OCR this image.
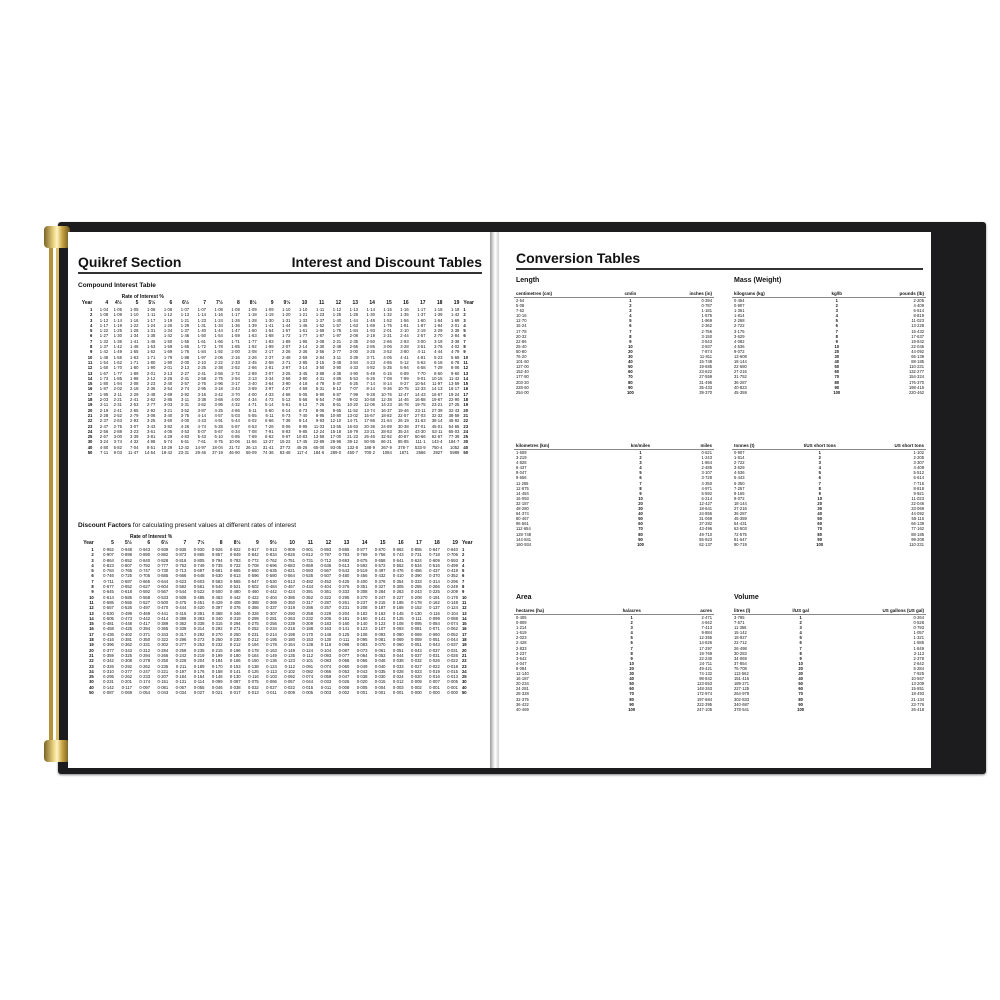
Quikref Section	Interest and Discount Tables
Compound Interest Table
	Rate of Interest %																						
Year	4	4½	5	5½	6	6½	7	7½	8	8½	9	9½	10	11	12	13	14	15	16	17	18	19	Year
1	1·04	1·05	1·05	1·06	1·06	1·07	1·07	1·08	1·08	1·09	1·09	1·10	1·10	1·11	1·12	1·13	1·14	1·15	1·16	1·17	1·18	1·19	1
2	1·08	1·09	1·10	1·11	1·12	1·13	1·14	1·16	1·17	1·18	1·19	1·20	1·21	1·23	1·25	1·28	1·30	1·32	1·35	1·37	1·39	1·42	2
3	1·12	1·14	1·16	1·17	1·19	1·21	1·23	1·24	1·26	1·28	1·30	1·31	1·33	1·37	1·40	1·44	1·48	1·52	1·56	1·60	1·64	1·69	3
4	1·17	1·19	1·22	1·24	1·26	1·29	1·31	1·34	1·36	1·39	1·41	1·44	1·46	1·52	1·57	1·63	1·69	1·75	1·81	1·87	1·94	2·01	4
5	1·22	1·25	1·28	1·31	1·34	1·37	1·40	1·44	1·47	1·50	1·54	1·57	1·61	1·69	1·76	1·84	1·93	2·01	2·10	2·19	2·29	2·39	5
6	1·27	1·30	1·34	1·38	1·42	1·46	1·50	1·54	1·59	1·63	1·68	1·72	1·77	1·87	1·97	2·08	2·19	2·31	2·44	2·57	2·70	2·84	6
7	1·32	1·36	1·41	1·45	1·50	1·55	1·61	1·66	1·71	1·77	1·83	1·89	1·95	2·08	2·21	2·35	2·50	2·66	2·83	3·00	3·19	3·38	7
8	1·37	1·42	1·48	1·53	1·59	1·65	1·72	1·78	1·85	1·92	1·99	2·07	2·14	2·30	2·48	2·66	2·85	3·06	3·28	3·51	3·76	4·02	8
9	1·42	1·49	1·55	1·62	1·69	1·76	1·84	1·92	2·00	2·08	2·17	2·26	2·36	2·56	2·77	3·00	3·25	3·52	3·80	4·11	4·44	4·79	9
10	1·48	1·55	1·63	1·71	1·79	1·88	1·97	2·06	2·16	2·26	2·37	2·48	2·59	2·84	3·11	3·39	3·71	4·05	4·41	4·81	5·23	5·69	10
11	1·54	1·62	1·71	1·80	1·90	2·00	2·10	2·22	2·33	2·45	2·58	2·71	2·85	3·15	3·48	3·84	4·23	4·65	5·12	5·62	6·18	6·78	11
12	1·60	1·70	1·80	1·90	2·01	2·13	2·25	2·38	2·52	2·66	2·81	2·97	3·14	3·50	3·90	4·33	4·82	5·35	5·94	6·58	7·29	8·06	12
13	1·67	1·77	1·89	2·01	2·13	2·27	2·41	2·56	2·72	2·89	3·07	3·25	3·45	3·88	4·36	4·90	5·49	6·15	6·89	7·70	8·60	9·60	13
14	1·73	1·85	1·98	2·12	2·26	2·41	2·58	2·75	2·94	3·13	3·34	3·56	3·80	4·31	4·89	5·53	6·26	7·08	7·99	9·01	10·15	11·42	14
15	1·80	1·94	2·08	2·23	2·40	2·57	2·76	2·96	3·17	3·40	3·64	3·90	4·18	4·78	5·47	6·25	7·14	8·14	9·27	10·54	11·97	13·59	15
16	1·87	2·02	2·18	2·36	2·54	2·74	2·95	3·18	3·43	3·69	3·97	4·27	4·59	5·31	6·13	7·07	8·14	9·36	10·75	12·33	14·13	16·17	16
17	1·95	2·11	2·29	2·48	2·69	2·92	3·16	3·42	3·70	4·00	4·33	4·68	5·05	5·90	6·87	7·99	9·28	10·76	12·47	14·43	16·67	19·24	17
18	2·03	2·21	2·41	2·62	2·85	3·11	3·38	3·68	4·00	4·34	4·72	5·12	5·56	6·54	7·69	9·02	10·58	12·38	14·46	16·88	19·67	22·90	18
19	2·11	2·31	2·53	2·77	3·03	3·31	3·62	3·95	4·32	4·71	5·14	5·61	6·12	7·26	8·61	10·20	12·06	14·23	16·78	19·75	23·21	27·25	19
20	2·19	2·41	2·65	2·92	3·21	3·52	3·87	4·25	4·66	5·11	5·60	6·14	6·73	8·06	9·65	11·52	13·74	16·37	19·46	23·11	27·39	32·43	20
21	2·28	2·52	2·79	3·08	3·40	3·75	4·14	4·57	5·03	5·55	6·11	6·73	7·40	8·95	10·80	13·02	15·67	18·82	22·57	27·03	32·32	38·59	21
22	2·37	2·63	2·93	3·25	3·60	4·00	4·43	4·91	5·44	6·02	6·66	7·36	8·14	9·93	12·10	14·71	17·86	21·64	26·19	31·63	38·14	45·92	22
23	2·47	2·75	3·07	3·43	3·82	4·26	4·74	5·28	5·87	6·53	7·26	8·06	8·95	11·03	13·55	16·63	20·36	24·89	30·38	37·01	45·01	54·65	23
24	2·56	2·88	3·23	3·61	4·05	4·53	5·07	5·67	6·34	7·08	7·91	8·83	9·85	12·24	15·18	18·79	23·21	28·63	35·24	43·30	53·11	65·03	24
25	2·67	3·00	3·39	3·81	4·29	4·83	5·43	6·10	6·85	7·69	8·62	9·67	10·83	13·59	17·00	21·23	26·46	32·92	40·87	50·66	62·67	77·39	25
30	3·24	3·74	4·32	4·98	5·74	6·61	7·61	8·75	10·06	11·56	13·27	15·22	17·45	22·89	29·96	39·12	50·95	66·21	85·85	111·1	143·4	184·7	30
40	4·80	5·82	7·04	8·51	10·29	12·42	14·97	18·04	21·72	26·13	31·41	37·72	45·26	65·00	93·05	132·8	188·9	267·9	378·7	533·9	750·4	1052	40
50	7·11	9·03	11·47	14·54	18·42	23·31	29·46	37·19	46·90	59·09	74·36	93·48	117·4	184·6	289·0	450·7	700·2	1084	1671	2566	3927	5989	50
Discount Factors for calculating present values at different rates of interest
	Rate of Interest %																				
Year	5	5½	6	6½	7	7½	8	8½	9	9½	10	11	12	13	14	15	16	17	18	19	Year
1	0·952	0·948	0·943	0·939	0·935	0·930	0·926	0·922	0·917	0·913	0·909	0·901	0·893	0·885	0·877	0·870	0·862	0·855	0·847	0·840	1
2	0·907	0·898	0·890	0·882	0·873	0·865	0·857	0·849	0·842	0·834	0·826	0·812	0·797	0·783	0·769	0·756	0·743	0·731	0·718	0·706	2
3	0·864	0·852	0·840	0·828	0·816	0·805	0·794	0·783	0·772	0·762	0·751	0·731	0·712	0·693	0·675	0·658	0·641	0·624	0·609	0·593	3
4	0·823	0·807	0·792	0·777	0·763	0·749	0·735	0·722	0·708	0·696	0·683	0·659	0·636	0·613	0·592	0·572	0·552	0·534	0·516	0·499	4
5	0·784	0·765	0·747	0·730	0·713	0·697	0·681	0·665	0·650	0·635	0·621	0·593	0·567	0·543	0·519	0·497	0·476	0·456	0·437	0·419	5
6	0·746	0·725	0·705	0·685	0·666	0·648	0·630	0·613	0·596	0·580	0·564	0·535	0·507	0·480	0·456	0·432	0·410	0·390	0·370	0·352	6
7	0·711	0·687	0·665	0·644	0·623	0·603	0·583	0·565	0·547	0·530	0·513	0·482	0·452	0·425	0·400	0·376	0·354	0·333	0·314	0·296	7
8	0·677	0·652	0·627	0·604	0·582	0·561	0·540	0·521	0·502	0·484	0·467	0·434	0·404	0·376	0·351	0·327	0·305	0·285	0·266	0·249	8
9	0·645	0·618	0·592	0·567	0·544	0·522	0·500	0·480	0·460	0·442	0·424	0·391	0·361	0·333	0·308	0·284	0·263	0·243	0·225	0·209	9
10	0·614	0·585	0·558	0·533	0·508	0·485	0·463	0·442	0·422	0·404	0·386	0·352	0·322	0·295	0·270	0·247	0·227	0·208	0·191	0·176	10
11	0·585	0·555	0·527	0·500	0·475	0·451	0·429	0·408	0·388	0·369	0·350	0·317	0·287	0·261	0·237	0·215	0·195	0·178	0·162	0·148	11
12	0·557	0·526	0·497	0·470	0·444	0·420	0·397	0·376	0·356	0·337	0·319	0·286	0·257	0·231	0·208	0·187	0·168	0·152	0·137	0·124	12
13	0·530	0·499	0·469	0·441	0·415	0·391	0·368	0·346	0·326	0·307	0·290	0·258	0·229	0·204	0·182	0·163	0·145	0·130	0·116	0·104	13
14	0·505	0·473	0·442	0·414	0·388	0·363	0·340	0·319	0·299	0·281	0·263	0·232	0·205	0·181	0·160	0·141	0·125	0·111	0·099	0·088	14
15	0·481	0·448	0·417	0·389	0·362	0·338	0·315	0·294	0·275	0·256	0·239	0·209	0·183	0·160	0·140	0·123	0·108	0·095	0·084	0·074	15
16	0·458	0·425	0·394	0·365	0·339	0·314	0·292	0·271	0·252	0·234	0·218	0·188	0·163	0·141	0·123	0·107	0·093	0·081	0·071	0·062	16
17	0·436	0·402	0·371	0·343	0·317	0·292	0·270	0·250	0·231	0·214	0·198	0·170	0·146	0·125	0·108	0·093	0·080	0·069	0·060	0·052	17
18	0·416	0·381	0·350	0·322	0·296	0·272	0·250	0·230	0·212	0·195	0·180	0·153	0·130	0·111	0·095	0·081	0·069	0·059	0·051	0·044	18
19	0·396	0·362	0·331	0·302	0·277	0·253	0·232	0·212	0·194	0·178	0·164	0·138	0·116	0·098	0·083	0·070	0·060	0·051	0·043	0·037	19
20	0·377	0·343	0·312	0·284	0·258	0·235	0·215	0·196	0·178	0·163	0·149	0·124	0·104	0·087	0·073	0·061	0·051	0·043	0·037	0·031	20
21	0·359	0·325	0·294	0·266	0·242	0·219	0·199	0·180	0·164	0·149	0·135	0·112	0·093	0·077	0·064	0·053	0·044	0·037	0·031	0·026	21
22	0·342	0·308	0·278	0·250	0·226	0·204	0·184	0·166	0·150	0·136	0·123	0·101	0·083	0·068	0·056	0·046	0·038	0·032	0·026	0·022	22
23	0·326	0·292	0·262	0·235	0·211	0·189	0·170	0·153	0·138	0·124	0·112	0·091	0·074	0·060	0·049	0·040	0·033	0·027	0·022	0·018	23
24	0·310	0·277	0·247	0·221	0·197	0·176	0·158	0·141	0·126	0·113	0·102	0·082	0·066	0·053	0·043	0·035	0·028	0·023	0·019	0·015	24
25	0·295	0·262	0·233	0·207	0·184	0·164	0·146	0·130	0·116	0·103	0·092	0·074	0·059	0·047	0·038	0·030	0·024	0·020	0·016	0·013	25
30	0·231	0·201	0·174	0·151	0·131	0·114	0·099	0·087	0·075	0·066	0·057	0·044	0·033	0·026	0·020	0·015	0·012	0·009	0·007	0·005	30
40	0·142	0·117	0·097	0·081	0·067	0·055	0·046	0·038	0·032	0·027	0·022	0·015	0·011	0·008	0·005	0·004	0·003	0·002	0·001	0·001	40
50	0·087	0·069	0·054	0·043	0·034	0·027	0·021	0·017	0·013	0·011	0·009	0·005	0·003	0·002	0·001	0·001	0·001	0·000	0·000	0·000	50
Conversion Tables
Length	Mass (Weight)
centimetres (cm)	cm/in	inches (in)
2·54	1	0·394
5·08	2	0·787
7·62	3	1·181
10·16	4	1·575
12·70	5	1·969
15·24	6	2·362
17·78	7	2·756
20·32	8	3·150
22·86	9	3·543
25·40	10	3·937
50·80	20	7·874
76·20	30	11·811
101·60	40	15·748
127·00	50	19·685
152·40	60	23·622
177·80	70	27·559
203·20	80	31·496
228·60	90	35·433
254·00	100	39·370
kilograms (kg)	kg/lb	pounds (lb)
0·454	1	2·205
0·907	2	4·409
1·361	3	6·614
1·814	4	8·819
2·268	5	11·023
2·722	6	13·228
3·175	7	15·432
3·629	8	17·637
4·082	9	19·842
4·536	10	22·046
9·072	20	44·092
13·608	30	66·139
18·144	40	88·185
22·680	50	110·231
27·216	60	132·277
31·752	70	154·324
36·287	80	176·370
40·823	90	198·416
45·359	100	220·462
kilometres (km)	km/miles	miles
1·609	1	0·621
3·219	2	1·243
4·828	3	1·864
6·437	4	2·485
8·047	5	3·107
9·656	6	3·728
11·265	7	4·350
12·875	8	4·971
14·484	9	5·592
16·093	10	6·214
32·187	20	12·427
48·280	30	18·641
64·374	40	24·855
80·467	50	31·069
96·561	60	37·282
112·654	70	43·496
128·748	80	49·710
144·841	90	55·923
160·934	100	62·137
tonnes (t)	t/US short tons	US short tons
0·907	1	1·102
1·814	2	2·205
2·722	3	3·307
3·629	4	4·409
4·536	5	5·512
5·443	6	6·614
6·350	7	7·716
7·257	8	8·818
8·165	9	9·921
9·072	10	11·023
18·144	20	22·046
27·216	30	33·069
36·287	40	44·092
45·359	50	55·116
54·431	60	66·139
63·503	70	77·162
72·575	80	88·185
81·647	90	99·208
90·719	100	110·231
Area	Volume
hectares (ha)	ha/acres	acres
0·405	1	2·471
0·809	2	4·942
1·214	3	7·413
1·619	4	9·884
2·023	5	12·355
2·428	6	14·826
2·833	7	17·297
3·237	8	19·769
3·642	9	22·240
4·047	10	24·711
8·094	20	49·421
12·140	30	74·132
16·187	40	98·842
20·234	50	123·553
24·281	60	148·263
28·328	70	172·974
32·375	80	197·684
36·422	90	222·395
40·469	100	247·105
litres (l)	l/US gal	US gallons (US gal)
3·785	1	0·264
7·571	2	0·528
11·356	3	0·793
15·142	4	1·057
18·927	5	1·321
22·712	6	1·585
26·498	7	1·849
30·283	8	2·113
34·069	9	2·378
37·854	10	2·642
75·708	20	5·284
113·562	30	7·925
151·416	40	10·567
189·271	50	13·209
227·125	60	15·851
264·979	70	18·493
302·833	80	21·134
340·687	90	23·776
378·541	100	26·418
